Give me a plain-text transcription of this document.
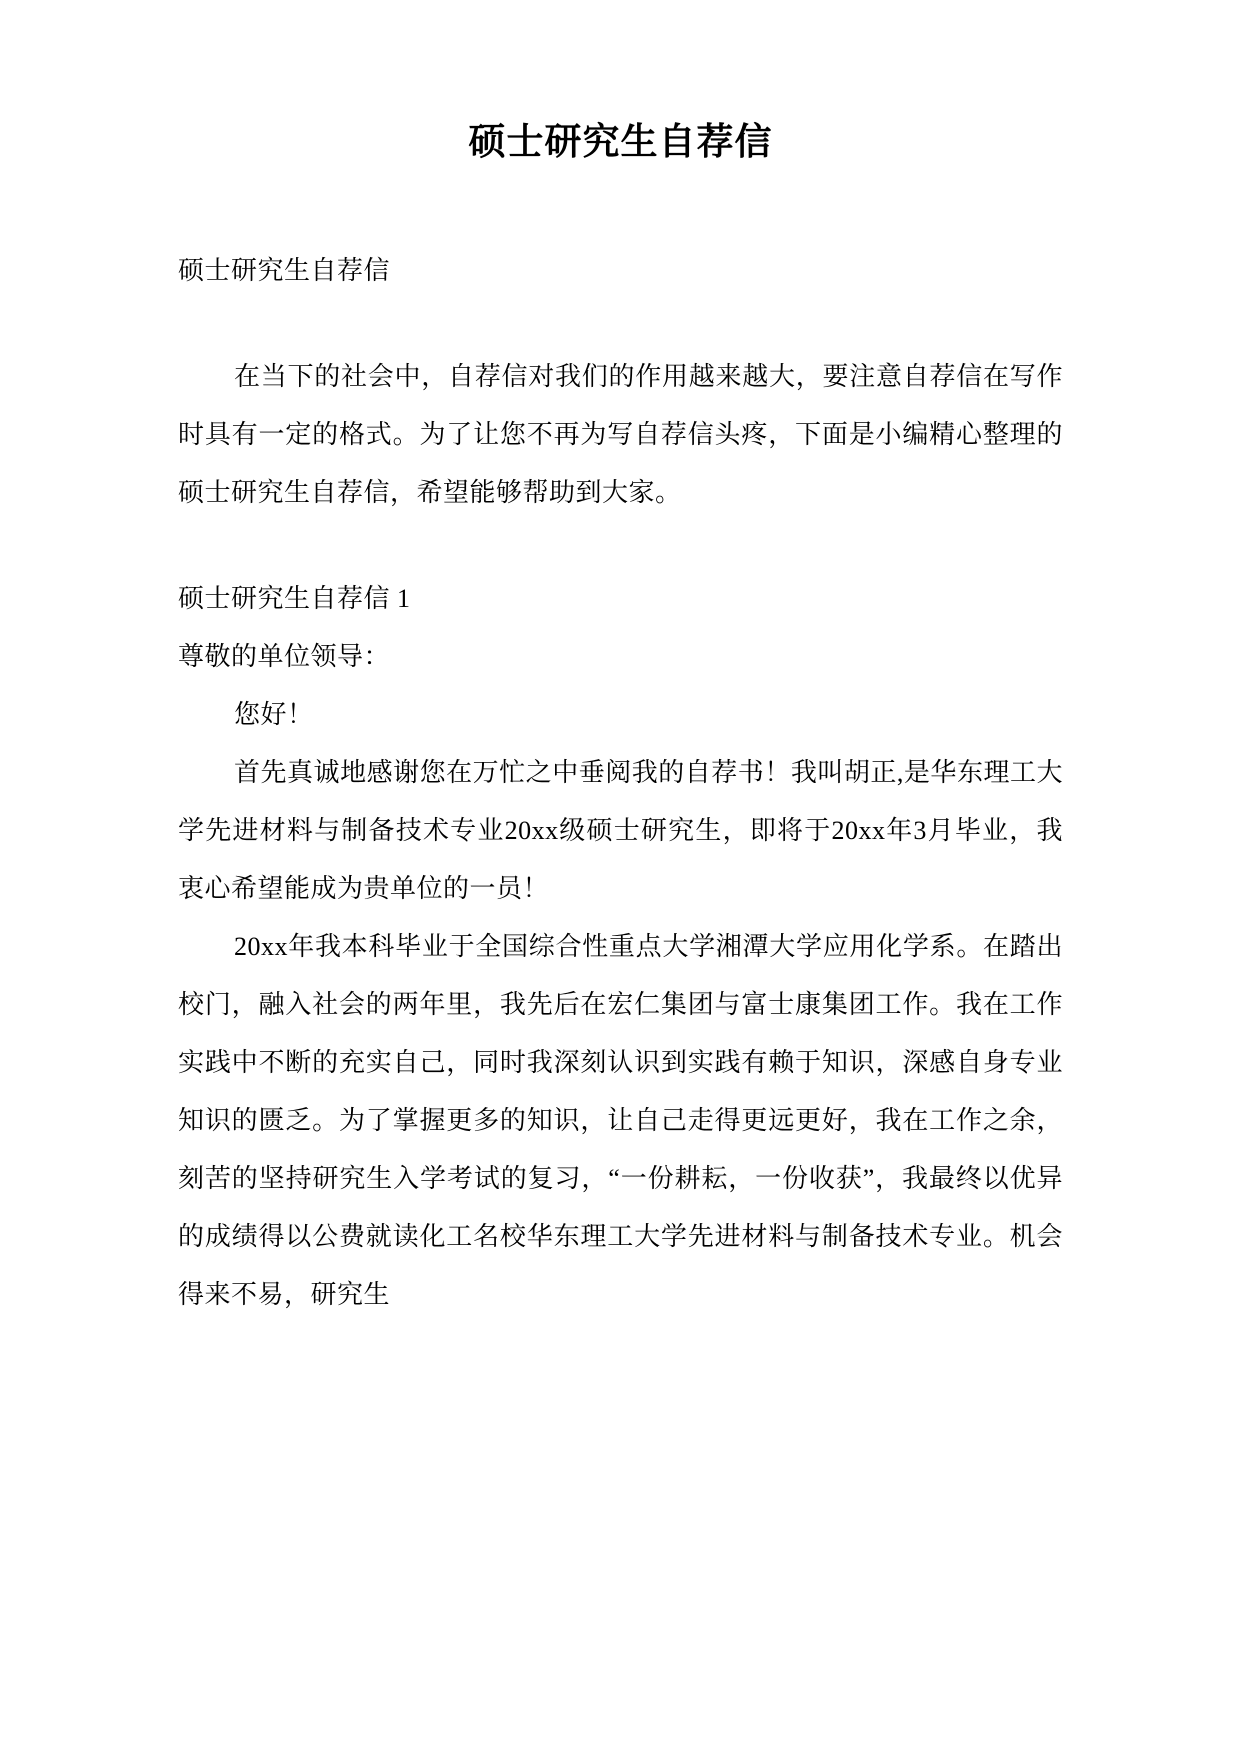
硕士研究生自荐信

硕士研究生自荐信

在当下的社会中，自荐信对我们的作用越来越大，要注意自荐信在写作时具有一定的格式。为了让您不再为写自荐信头疼，下面是小编精心整理的硕士研究生自荐信，希望能够帮助到大家。

硕士研究生自荐信 1

尊敬的单位领导：

您好！

首先真诚地感谢您在万忙之中垂阅我的自荐书！我叫胡正,是华东理工大学先进材料与制备技术专业20xx级硕士研究生，即将于20xx年3月毕业，我衷心希望能成为贵单位的一员！

20xx年我本科毕业于全国综合性重点大学湘潭大学应用化学系。在踏出校门，融入社会的两年里，我先后在宏仁集团与富士康集团工作。我在工作实践中不断的充实自己，同时我深刻认识到实践有赖于知识，深感自身专业知识的匮乏。为了掌握更多的知识，让自己走得更远更好，我在工作之余，刻苦的坚持研究生入学考试的复习，“一份耕耘，一份收获”，我最终以优异的成绩得以公费就读化工名校华东理工大学先进材料与制备技术专业。机会得来不易，研究生
